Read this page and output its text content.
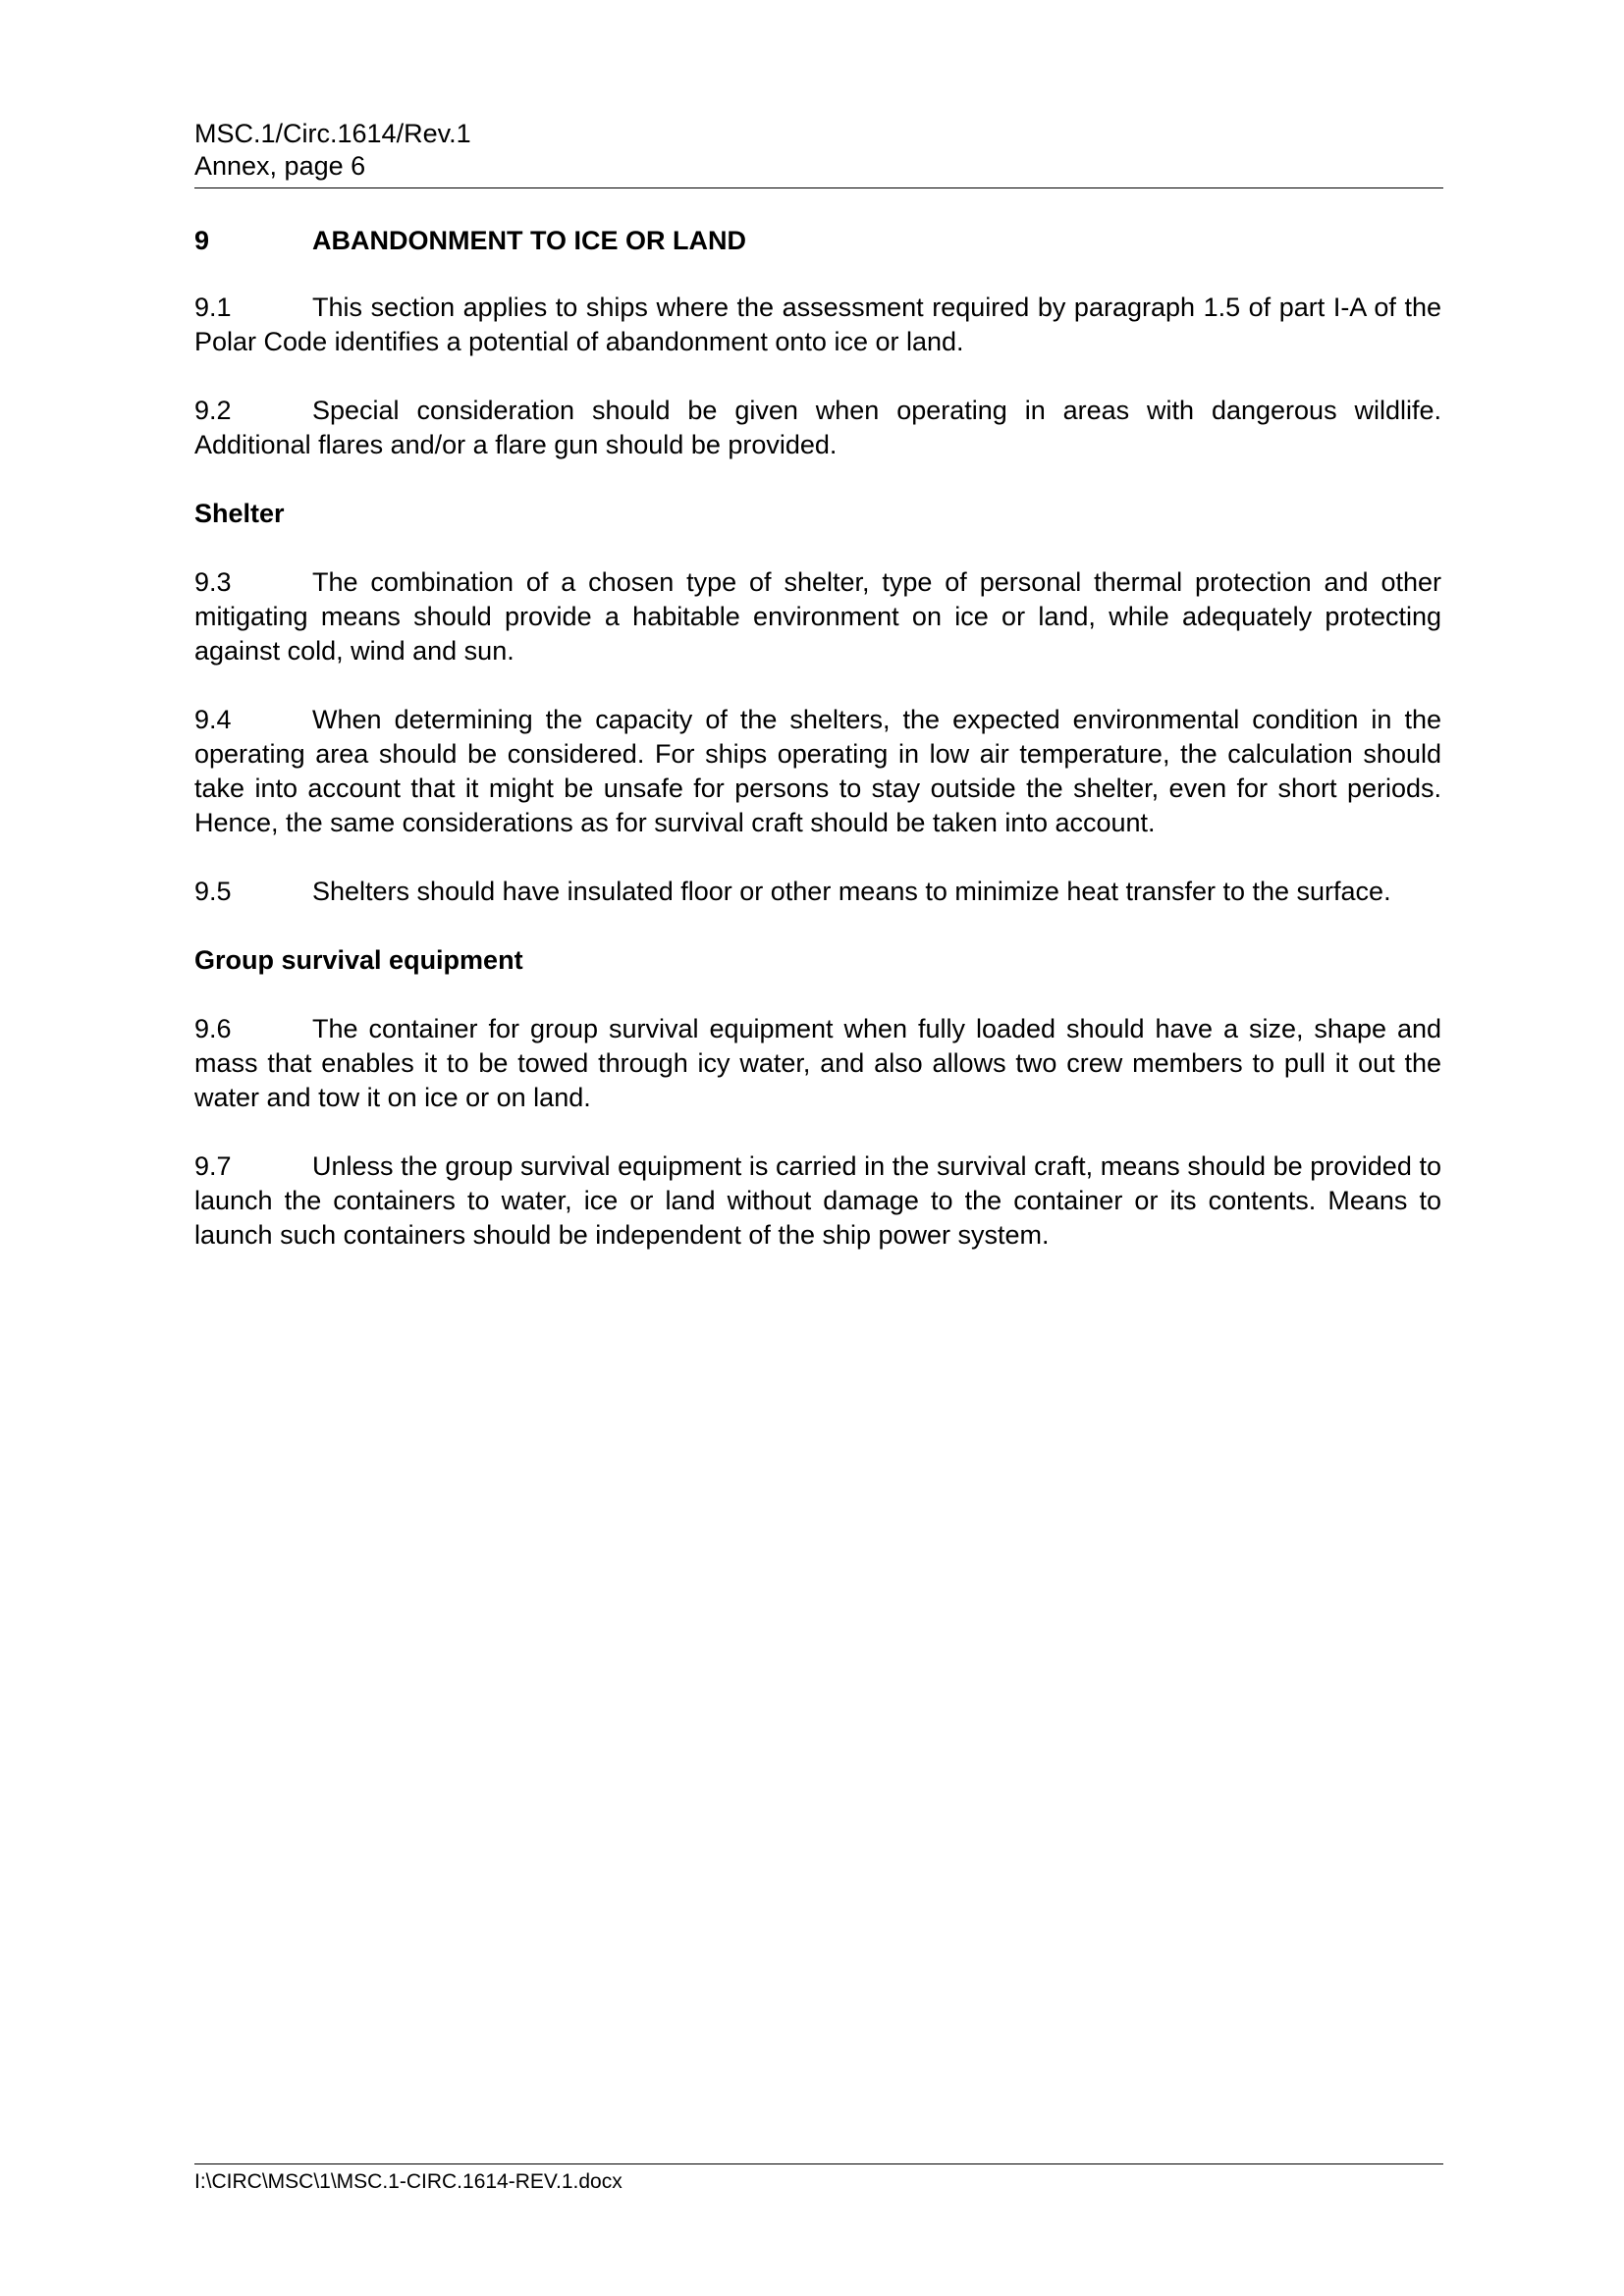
MSC.1/Circ.1614/Rev.1
Annex, page 6
9	ABANDONMENT TO ICE OR LAND

9.1	This section applies to ships where the assessment required by paragraph 1.5 of part I-A of the Polar Code identifies a potential of abandonment onto ice or land.

9.2	Special consideration should be given when operating in areas with dangerous wildlife. Additional flares and/or a flare gun should be provided.

Shelter

9.3	The combination of a chosen type of shelter, type of personal thermal protection and other mitigating means should provide a habitable environment on ice or land, while adequately protecting against cold, wind and sun.

9.4	When determining the capacity of the shelters, the expected environmental condition in the operating area should be considered. For ships operating in low air temperature, the calculation should take into account that it might be unsafe for persons to stay outside the shelter, even for short periods. Hence, the same considerations as for survival craft should be taken into account.

9.5	Shelters should have insulated floor or other means to minimize heat transfer to the surface.

Group survival equipment

9.6	The container for group survival equipment when fully loaded should have a size, shape and mass that enables it to be towed through icy water, and also allows two crew members to pull it out the water and tow it on ice or on land.

9.7	Unless the group survival equipment is carried in the survival craft, means should be provided to launch the containers to water, ice or land without damage to the container or its contents. Means to launch such containers should be independent of the ship power system.

I:\CIRC\MSC\1\MSC.1-CIRC.1614-REV.1.docx
